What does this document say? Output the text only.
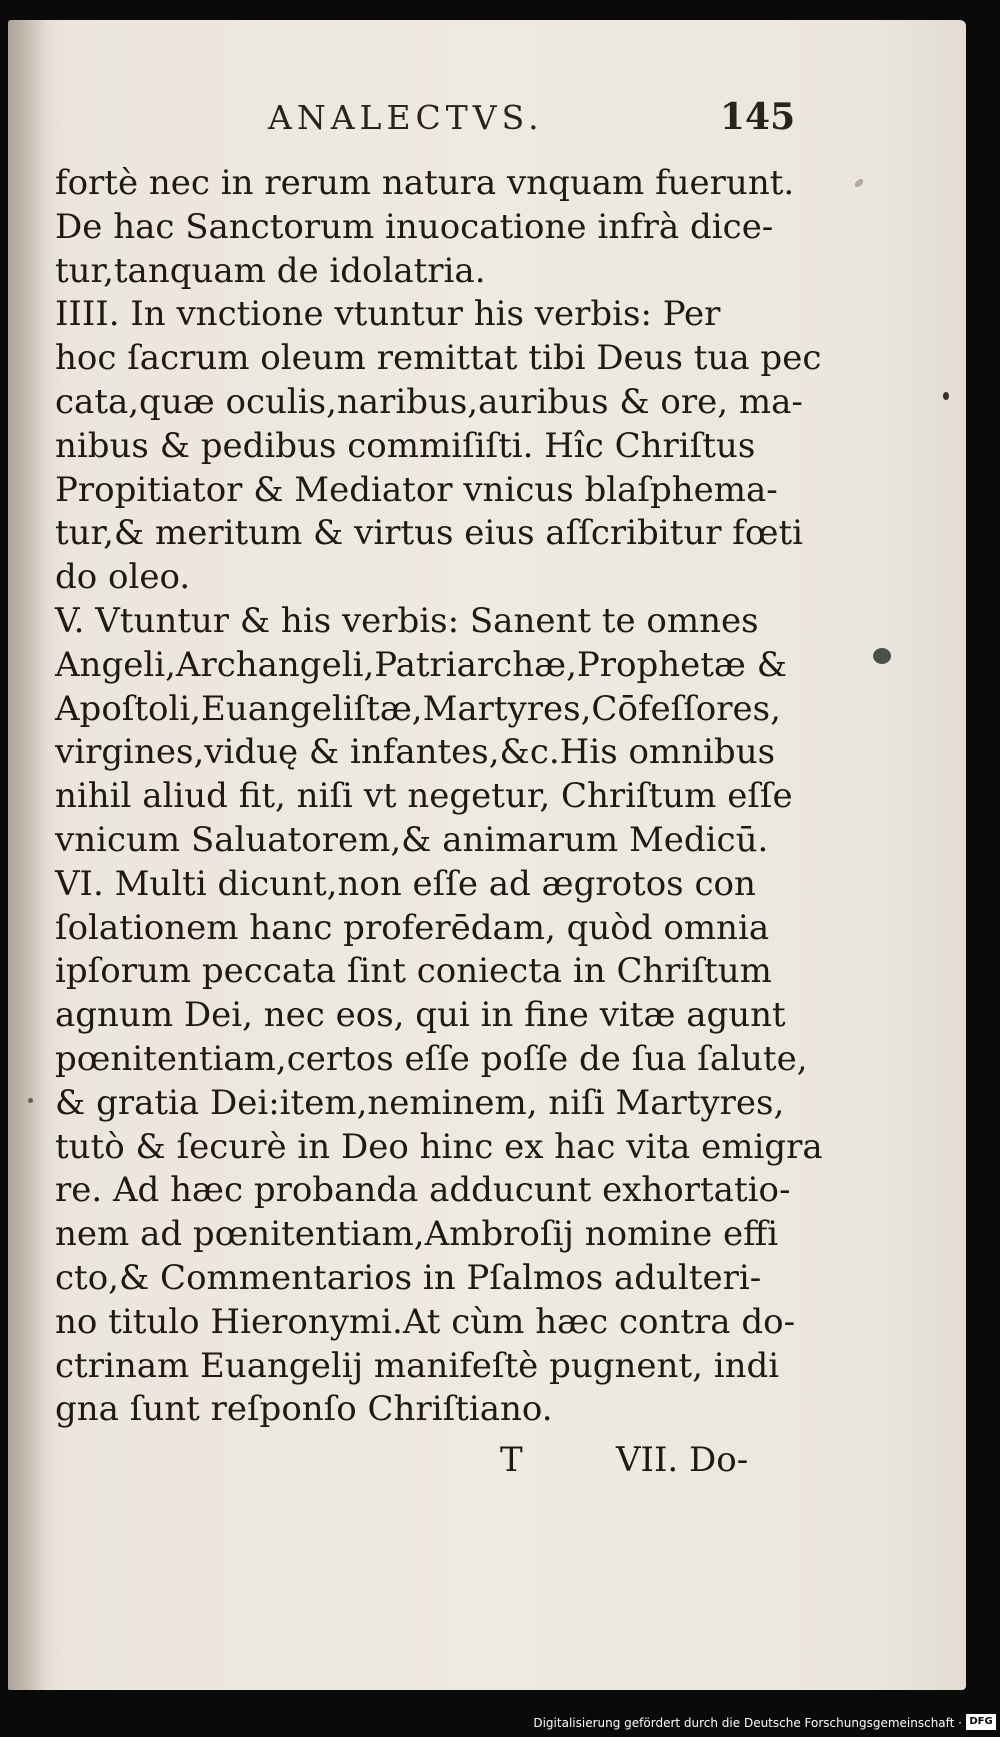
ANALECTVS.	145
fortè nec in rerum natura vnquam fuerunt.
De hac Sanctorum inuocatione infrà dice-
tur,tanquam de idolatria.
IIII. In vnctione vtuntur his verbis: Per
hoc ſacrum oleum remittat tibi Deus tua pec
cata,quæ oculis,naribus,auribus & ore, ma-
nibus & pedibus commiſiſti. Hîc Chriſtus
Propitiator & Mediator vnicus blaſphema-
tur,& meritum & virtus eius aſſcribitur fœti
do oleo.
V. Vtuntur & his verbis: Sanent te omnes
Angeli,Archangeli,Patriarchæ,Prophetæ &
Apoſtoli,Euangeliſtæ,Martyres,Cōfeſſores,
virgines,viduę & infantes,&c.His omnibus
nihil aliud fit, niſi vt negetur, Chriſtum eſſe
vnicum Saluatorem,& animarum Medicū.
VI. Multi dicunt,non eſſe ad ægrotos con
ſolationem hanc proferēdam, quòd omnia
ipſorum peccata ſint coniecta in Chriſtum
agnum Dei, nec eos, qui in fine vitæ agunt
pœnitentiam,certos eſſe poſſe de ſua ſalute,
& gratia Dei:item,neminem, niſi Martyres,
tutò & ſecurè in Deo hinc ex hac vita emigra
re. Ad hæc probanda adducunt exhortatio-
nem ad pœnitentiam,Ambroſij nomine effi
cto,& Commentarios in Pſalmos adulteri-
no titulo Hieronymi.At cùm hæc contra do-
ctrinam Euangelij manifeſtè pugnent, indi
gna ſunt reſponſo Chriſtiano.
T	VII. Do-
Digitalisierung gefördert durch die Deutsche Forschungsgemeinschaft · DFG
